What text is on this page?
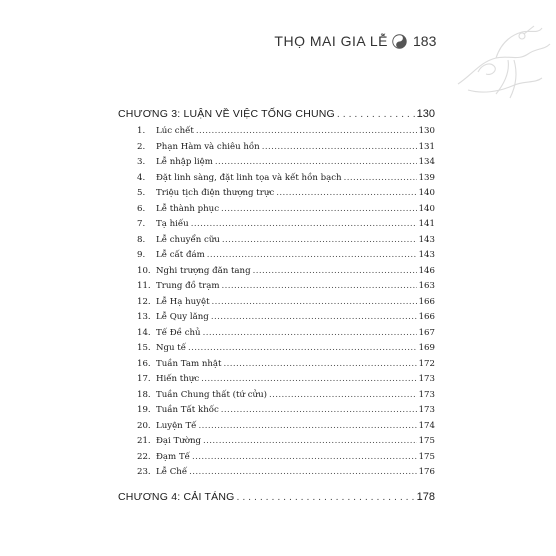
THỌ MAI GIA LỄ 183
CHƯƠNG 3: LUẬN VỀ VIỆC TỐNG CHUNG . . .	130
1.	Lúc chết .....	130
2.	Phạn Hàm và chiêu hồn .....	131
3.	Lễ nhập liệm .....	134
4.	Đặt linh sàng, đặt linh tọa và kết hồn bạch .....	139
5.	Triệu tịch điện thượng trực .....	140
6.	Lễ thành phục .....	140
7.	Tạ hiếu .....	141
8.	Lễ chuyển cữu .....	143
9.	Lễ cất đám .....	143
10. Nghi trượng đăn tang .....	146
11. Trung đồ trạm .....	163
12. Lễ Hạ huyệt .....	166
13. Lễ Quy lăng .....	166
14. Tế Đề chủ .....	167
15. Ngu tế .....	169
16. Tuần Tam nhật .....	172
17. Hiến thực .....	173
18. Tuần Chung thất (tứ cửu) .....	173
19. Tuần Tất khốc .....	173
20. Luyện Tế .....	174
21. Đại Tường .....	175
22. Đạm Tế .....	175
23. Lễ Chế .....	176
CHƯƠNG 4: CẢI TÁNG . . .	178
